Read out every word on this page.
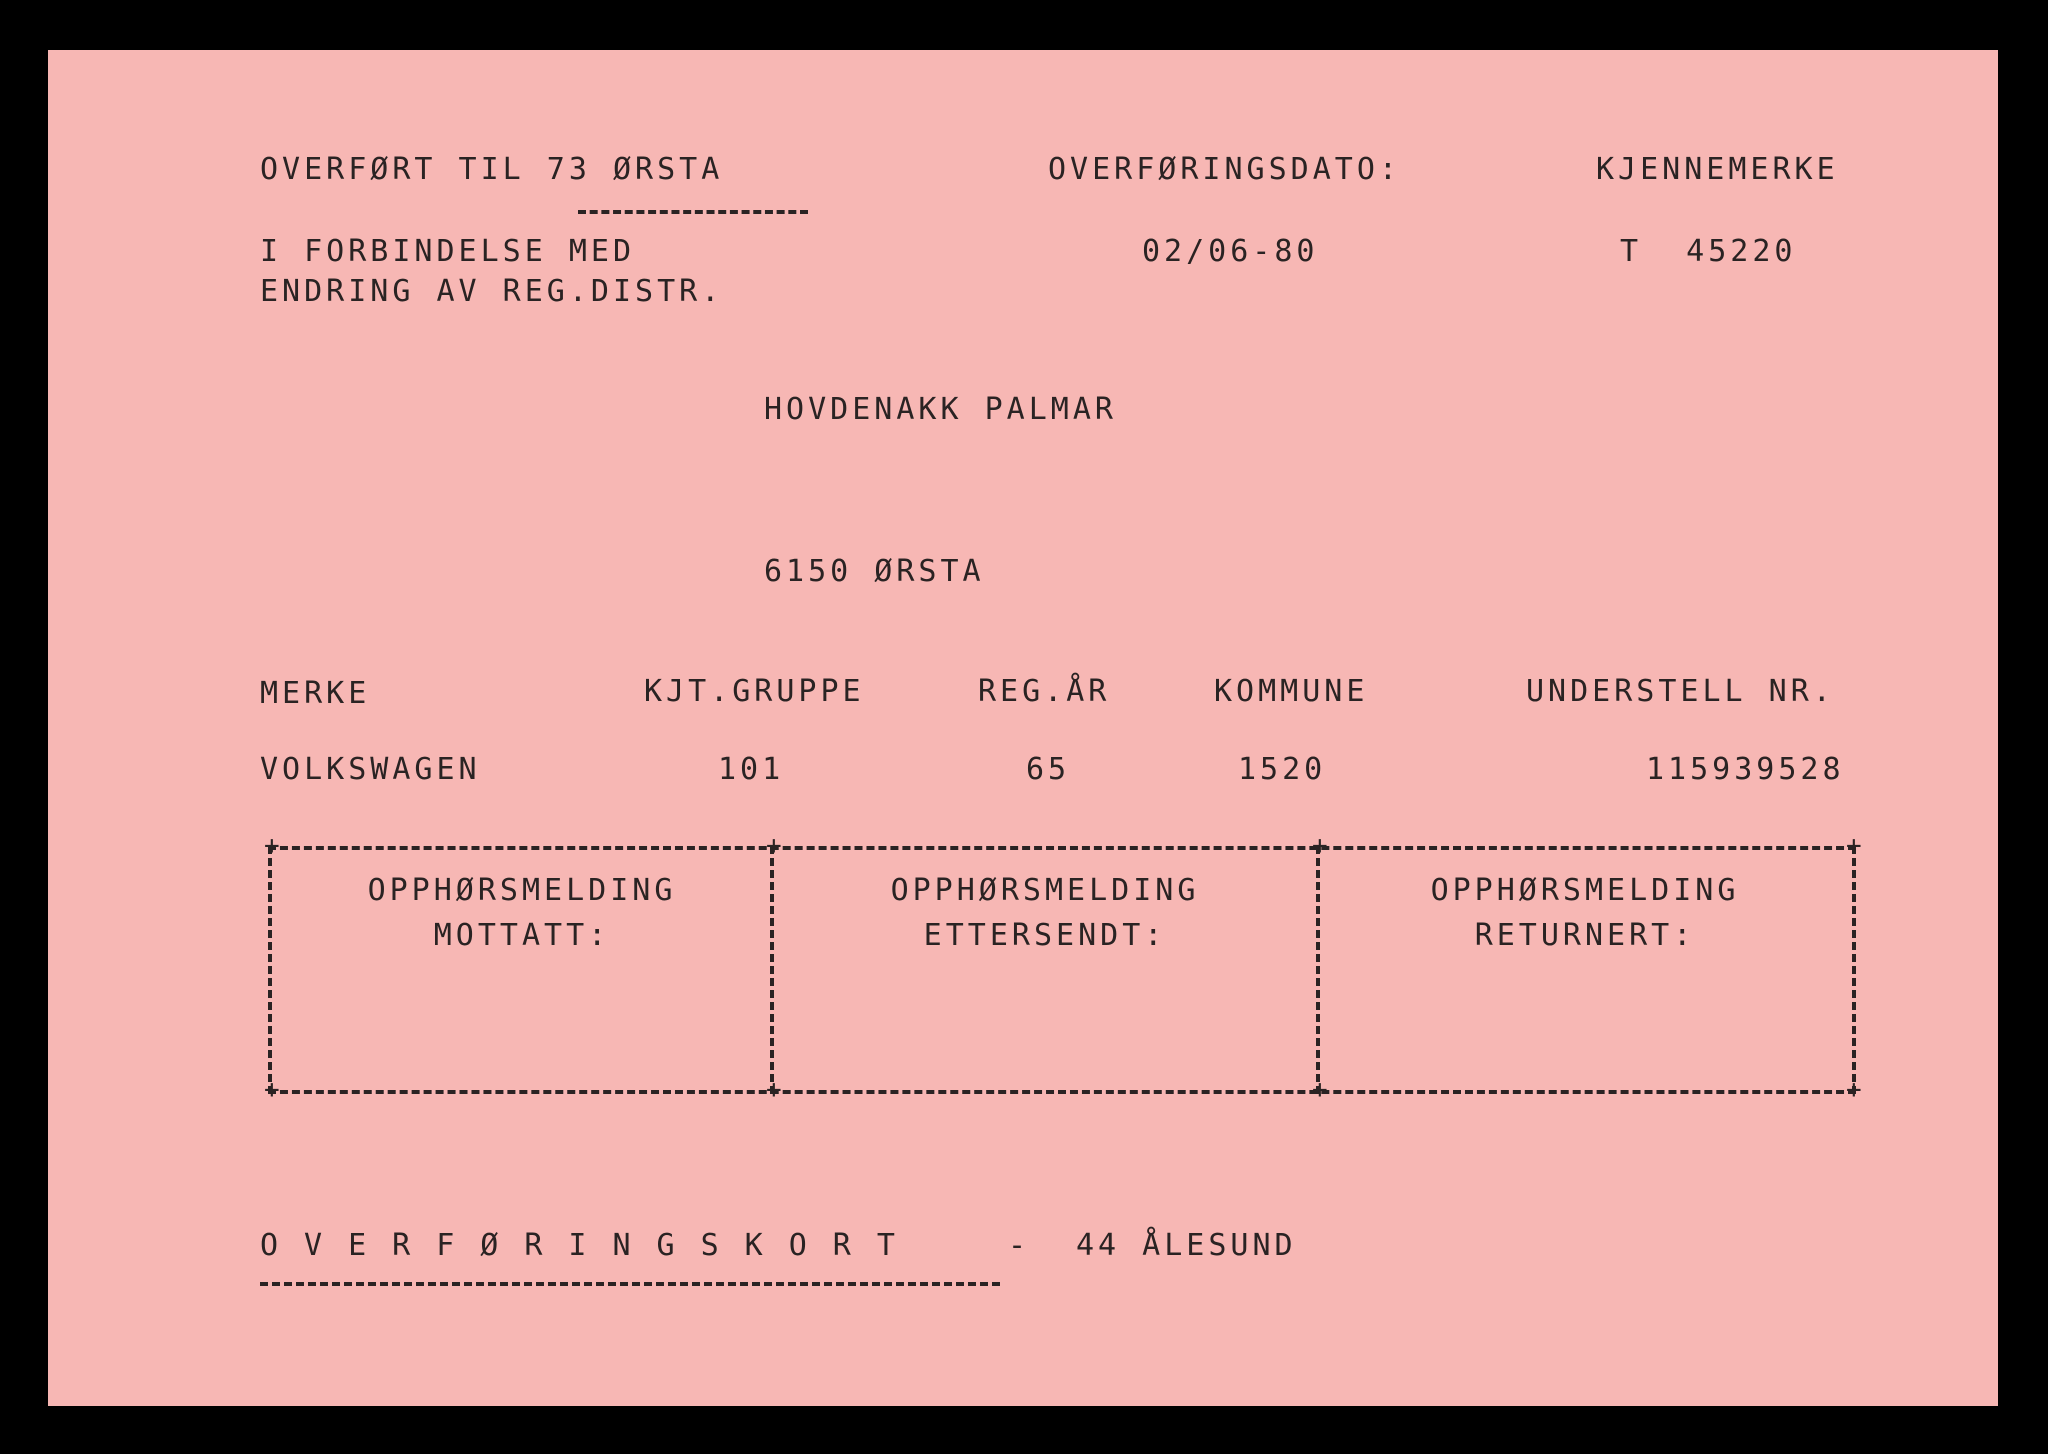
OVERFØRT TIL 73 ØRSTA	OVERFØRINGSDATO:	KJENNEMERKE
I FORBINDELSE MED
ENDRING AV REG.DISTR.
02/06-80	T  45220
HOVDENAKK PALMAR
6150 ØRSTA
MERKE	KJT.GRUPPE	REG.ÅR	KOMMUNE	UNDERSTELL NR.
VOLKSWAGEN	101	65	1520	115939528
+	+	+	+
+	+	+	+
OPPHØRSMELDING
MOTTATT:
OPPHØRSMELDING
ETTERSENDT:
OPPHØRSMELDING
RETURNERT:
OVERFØRINGSKORT	- 44 ÅLESUND
